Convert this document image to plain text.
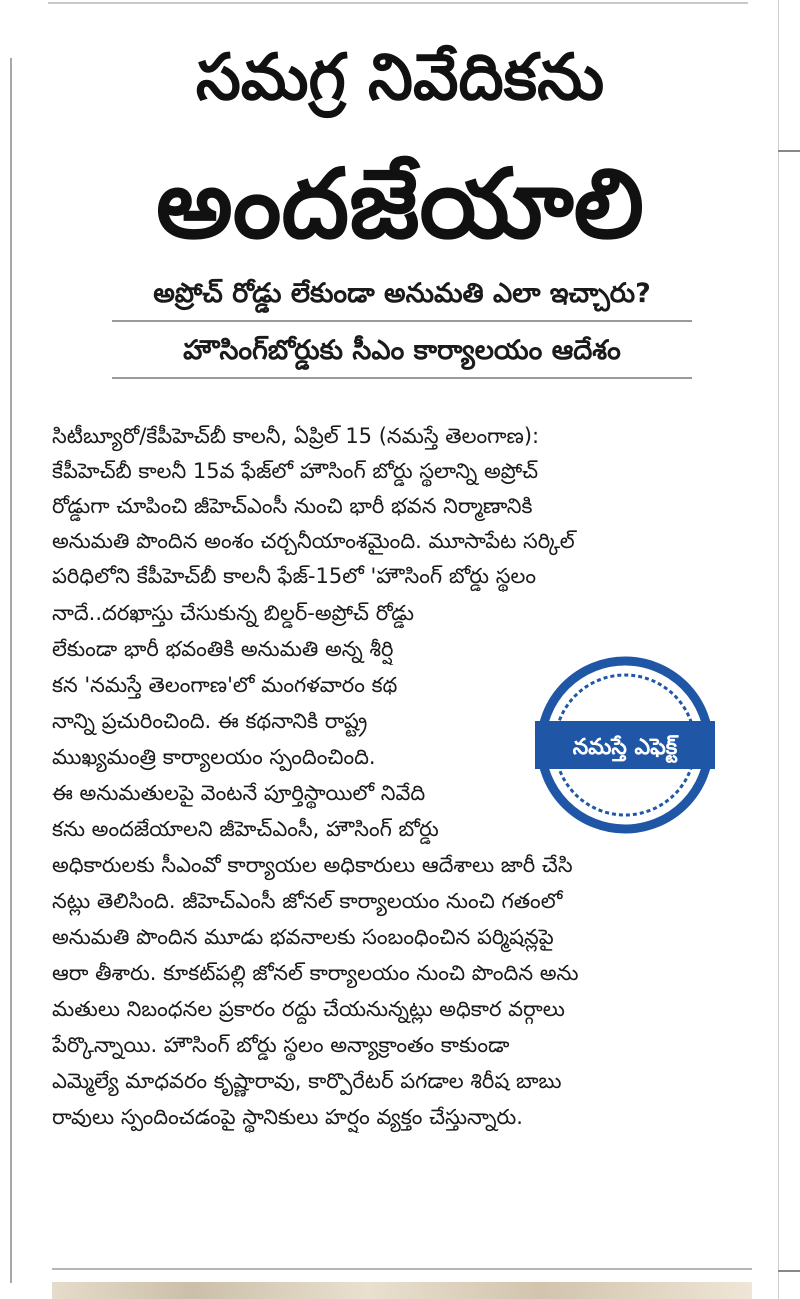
సమగ్ర నివేదికను
అందజేయాలి
అప్రోచ్ రోడ్డు లేకుండా అనుమతి ఎలా ఇచ్చారు?
హౌసింగ్‌బోర్డుకు సీఎం కార్యాలయం ఆదేశం
సిటీబ్యూరో/కేపీహెచ్‌బీ కాలనీ, ఏప్రిల్ 15 (నమస్తే తెలంగాణ):
కేపీహెచ్‌బీ కాలనీ 15వ ఫేజ్‌లో హౌసింగ్ బోర్డు స్థలాన్ని అప్రోచ్
రోడ్డుగా చూపించి జీహెచ్‌ఎంసీ నుంచి భారీ భవన నిర్మాణానికి
అనుమతి పొందిన అంశం చర్చనీయాంశమైంది. మూసాపేట సర్కిల్
పరిధిలోని కేపీహెచ్‌బీ కాలనీ ఫేజ్-15లో 'హౌసింగ్ బోర్డు స్థలం
నాదే..దరఖాస్తు చేసుకున్న బిల్డర్-అప్రోచ్ రోడ్డు
లేకుండా భారీ భవంతికి అనుమతి అన్న శీర్షి
కన 'నమస్తే తెలంగాణ'లో మంగళవారం కథ
నాన్ని ప్రచురించింది. ఈ కథనానికి రాష్ట్ర
ముఖ్యమంత్రి కార్యాలయం స్పందించింది.
ఈ అనుమతులపై వెంటనే పూర్తిస్థాయిలో నివేది
కను అందజేయాలని జీహెచ్‌ఎంసీ, హౌసింగ్ బోర్డు
అధికారులకు సీఎంవో కార్యాయల అధికారులు ఆదేశాలు జారీ చేసి
నట్లు తెలిసింది. జీహెచ్‌ఎంసీ జోనల్ కార్యాలయం నుంచి గతంలో
అనుమతి పొందిన మూడు భవనాలకు సంబంధించిన పర్మిషన్లపై
ఆరా తీశారు. కూకట్‌పల్లి జోనల్ కార్యాలయం నుంచి పొందిన అను
మతులు నిబంధనల ప్రకారం రద్దు చేయనున్నట్లు అధికార వర్గాలు
పేర్కొన్నాయి. హౌసింగ్ బోర్డు స్థలం అన్యాక్రాంతం కాకుండా
ఎమ్మెల్యే మాధవరం కృష్ణారావు, కార్పొరేటర్ పగడాల శిరీష బాబు
రావులు స్పందించడంపై స్థానికులు హర్షం వ్యక్తం చేస్తున్నారు.
నమస్తే ఎఫెక్ట్
